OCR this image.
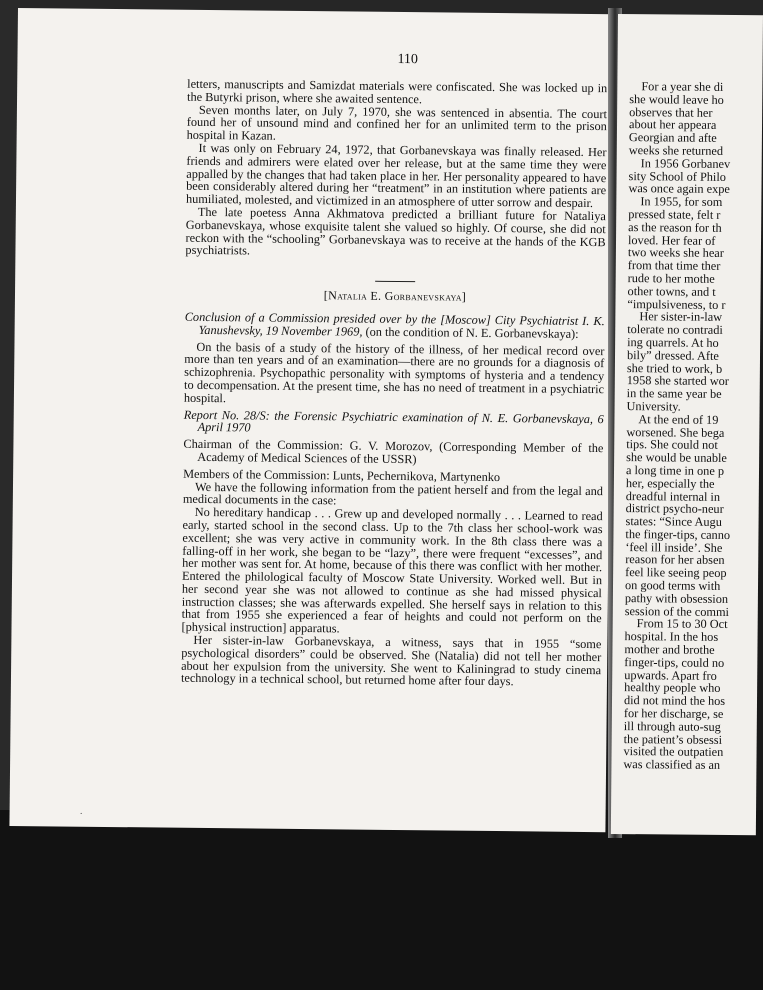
110

letters, manuscripts and Samizdat materials were confiscated. She was locked up in the Butyrki prison, where she awaited sentence.

Seven months later, on July 7, 1970, she was sentenced in absentia. The court found her of unsound mind and confined her for an unlimited term to the prison hospital in Kazan.

It was only on February 24, 1972, that Gorbanevskaya was finally released. Her friends and admirers were elated over her release, but at the same time they were appalled by the changes that had taken place in her. Her personality appeared to have been considerably altered during her “treatment” in an institution where patients are humiliated, molested, and victimized in an atmosphere of utter sorrow and despair.

The late poetess Anna Akhmatova predicted a brilliant future for Nataliya Gorbanevskaya, whose exquisite talent she valued so highly. Of course, she did not reckon with the “schooling” Gorbanevskaya was to receive at the hands of the KGB psychiatrists.

[Natalia E. Gorbanevskaya]

Conclusion of a Commission presided over by the [Moscow] City Psychiatrist I. K. Yanushevsky, 19 November 1969, (on the condition of N. E. Gorbanevskaya):

On the basis of a study of the history of the illness, of her medical record over more than ten years and of an examination—there are no grounds for a diagnosis of schizophrenia. Psychopathic personality with symptoms of hysteria and a tendency to decompensation. At the present time, she has no need of treatment in a psychiatric hospital.

Report No. 28/S: the Forensic Psychiatric examination of N. E. Gorbanevskaya, 6 April 1970

Chairman of the Commission: G. V. Morozov, (Corresponding Member of the Academy of Medical Sciences of the USSR)

Members of the Commission: Lunts, Pechernikova, Martynenko

We have the following information from the patient herself and from the legal and medical documents in the case:

No hereditary handicap . . . Grew up and developed normally . . . Learned to read early, started school in the second class. Up to the 7th class her school-work was excellent; she was very active in community work. In the 8th class there was a falling-off in her work, she began to be “lazy”, there were frequent “excesses”, and her mother was sent for. At home, because of this there was conflict with her mother. Entered the philological faculty of Moscow State University. Worked well. But in her second year she was not allowed to continue as she had missed physical instruction classes; she was afterwards expelled. She herself says in relation to this that from 1955 she experienced a fear of heights and could not perform on the [physical instruction] apparatus.

Her sister-in-law Gorbanevskaya, a witness, says that in 1955 “some psychological disorders” could be observed. She (Natalia) did not tell her mother about her expulsion from the university. She went to Kaliningrad to study cinema technology in a technical school, but returned home after four days.

·
For a year she di
she would leave ho
observes that her
about her appeara
Georgian and afte
weeks she returned
In 1956 Gorbanev
sity School of Philo
was once again expe
In 1955, for som
pressed state, felt r
as the reason for th
loved. Her fear of
two weeks she hear
from that time ther
rude to her mothe
other towns, and t
“impulsiveness, to r
Her sister-in-law
tolerate no contradi
ing quarrels. At ho
bily” dressed. Afte
she tried to work, b
1958 she started wor
in the same year be
University.
At the end of 19
worsened. She bega
tips. She could not
she would be unable
a long time in one p
her, especially the
dreadful internal in
district psycho-neur
states: “Since Augu
the finger-tips, canno
‘feel ill inside’. She
reason for her absen
feel like seeing peop
on good terms with
pathy with obsession
session of the commi
From 15 to 30 Oct
hospital. In the hos
mother and brothe
finger-tips, could no
upwards. Apart fro
healthy people who
did not mind the hos
for her discharge, se
ill through auto-sug
the patient’s obsessi
visited the outpatien
was classified as an
